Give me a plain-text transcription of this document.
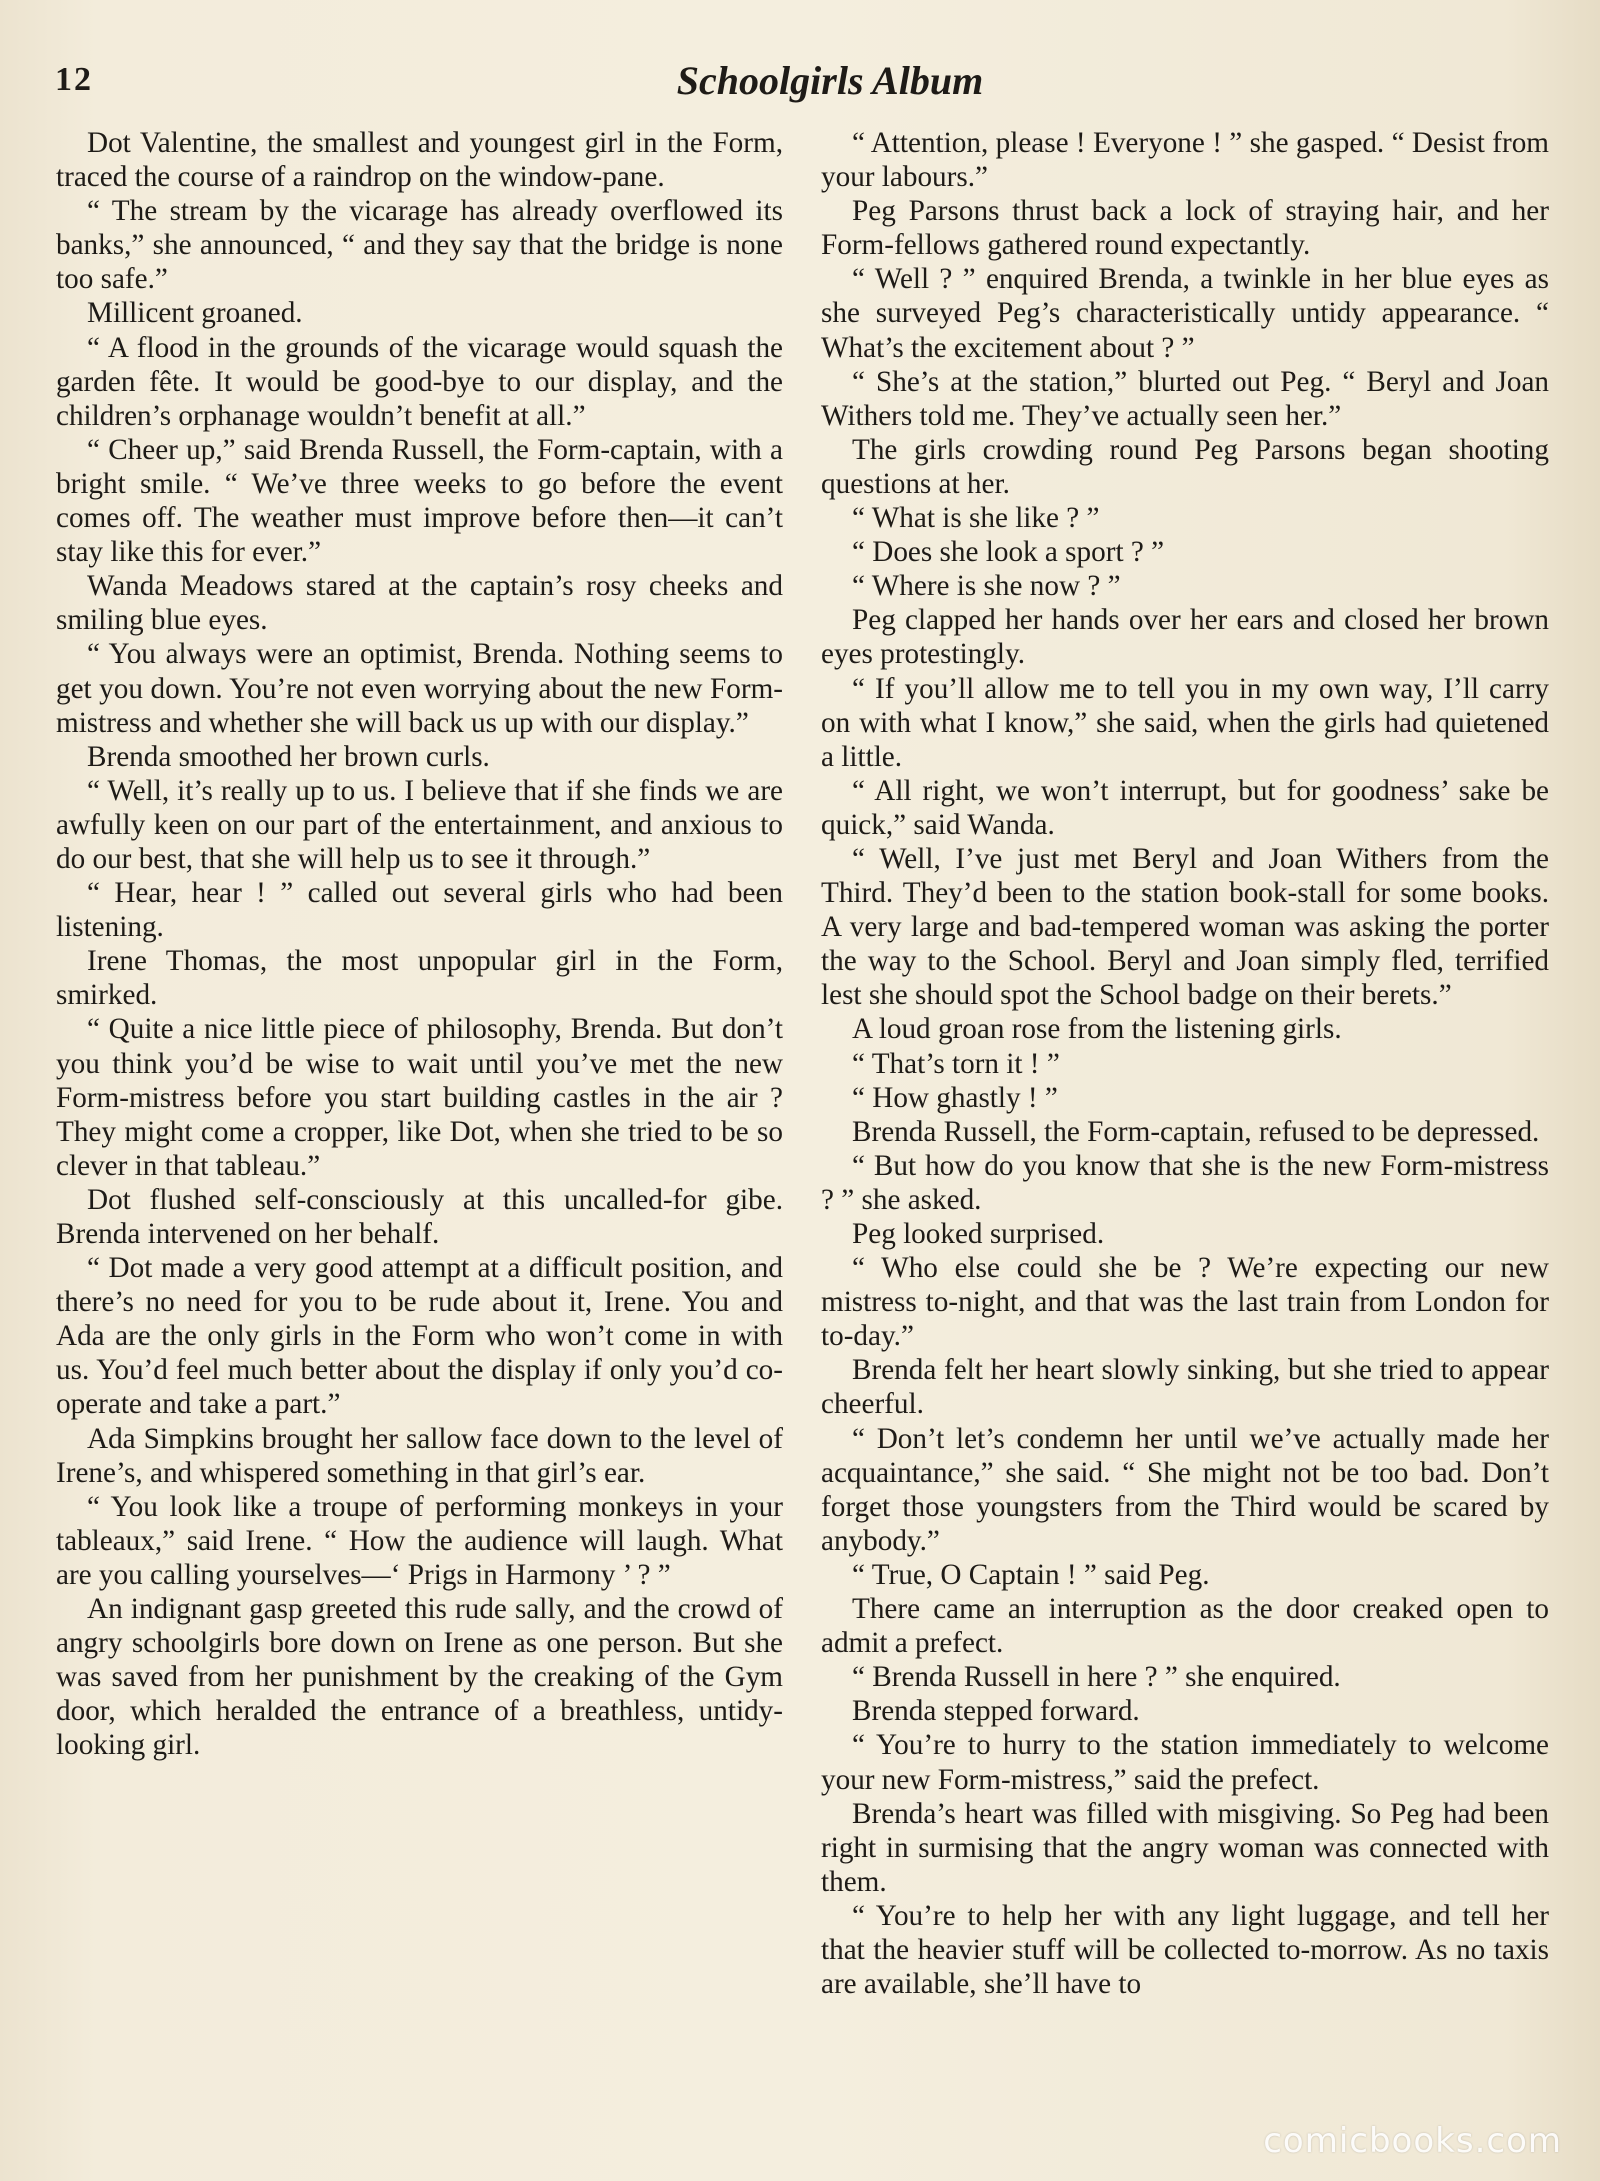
12	Schoolgirls Album

Dot Valentine, the smallest and youngest girl in the Form, traced the course of a raindrop on the window-pane.

“ The stream by the vicarage has already overflowed its banks,” she announced, “ and they say that the bridge is none too safe.”

Millicent groaned.

“ A flood in the grounds of the vicarage would squash the garden fête. It would be good-bye to our display, and the children’s orphanage wouldn’t benefit at all.”

“ Cheer up,” said Brenda Russell, the Form-captain, with a bright smile. “ We’ve three weeks to go before the event comes off. The weather must improve before then—it can’t stay like this for ever.”

Wanda Meadows stared at the captain’s rosy cheeks and smiling blue eyes.

“ You always were an optimist, Brenda. Nothing seems to get you down. You’re not even worrying about the new Form-mistress and whether she will back us up with our display.”

Brenda smoothed her brown curls.

“ Well, it’s really up to us. I believe that if she finds we are awfully keen on our part of the entertainment, and anxious to do our best, that she will help us to see it through.”

“ Hear, hear ! ” called out several girls who had been listening.

Irene Thomas, the most unpopular girl in the Form, smirked.

“ Quite a nice little piece of philosophy, Brenda. But don’t you think you’d be wise to wait until you’ve met the new Form-mistress before you start building castles in the air ? They might come a cropper, like Dot, when she tried to be so clever in that tableau.”

Dot flushed self-consciously at this uncalled-for gibe. Brenda intervened on her behalf.

“ Dot made a very good attempt at a difficult position, and there’s no need for you to be rude about it, Irene. You and Ada are the only girls in the Form who won’t come in with us. You’d feel much better about the display if only you’d co-operate and take a part.”

Ada Simpkins brought her sallow face down to the level of Irene’s, and whispered something in that girl’s ear.

“ You look like a troupe of performing monkeys in your tableaux,” said Irene. “ How the audience will laugh. What are you calling yourselves—‘ Prigs in Harmony ’ ? ”

An indignant gasp greeted this rude sally, and the crowd of angry schoolgirls bore down on Irene as one person. But she was saved from her punishment by the creaking of the Gym door, which heralded the entrance of a breathless, untidy-looking girl.

“ Attention, please ! Everyone ! ” she gasped. “ Desist from your labours.”

Peg Parsons thrust back a lock of straying hair, and her Form-fellows gathered round expectantly.

“ Well ? ” enquired Brenda, a twinkle in her blue eyes as she surveyed Peg’s characteristically untidy appearance. “ What’s the excitement about ? ”

“ She’s at the station,” blurted out Peg. “ Beryl and Joan Withers told me. They’ve actually seen her.”

The girls crowding round Peg Parsons began shooting questions at her.

“ What is she like ? ”

“ Does she look a sport ? ”

“ Where is she now ? ”

Peg clapped her hands over her ears and closed her brown eyes protestingly.

“ If you’ll allow me to tell you in my own way, I’ll carry on with what I know,” she said, when the girls had quietened a little.

“ All right, we won’t interrupt, but for goodness’ sake be quick,” said Wanda.

“ Well, I’ve just met Beryl and Joan Withers from the Third. They’d been to the station book-stall for some books. A very large and bad-tempered woman was asking the porter the way to the School. Beryl and Joan simply fled, terrified lest she should spot the School badge on their berets.”

A loud groan rose from the listening girls.

“ That’s torn it ! ”

“ How ghastly ! ”

Brenda Russell, the Form-captain, refused to be depressed.

“ But how do you know that she is the new Form-mistress ? ” she asked.

Peg looked surprised.

“ Who else could she be ? We’re expecting our new mistress to-night, and that was the last train from London for to-day.”

Brenda felt her heart slowly sinking, but she tried to appear cheerful.

“ Don’t let’s condemn her until we’ve actually made her acquaintance,” she said. “ She might not be too bad. Don’t forget those youngsters from the Third would be scared by anybody.”

“ True, O Captain ! ” said Peg.

There came an interruption as the door creaked open to admit a prefect.

“ Brenda Russell in here ? ” she enquired.

Brenda stepped forward.

“ You’re to hurry to the station immediately to welcome your new Form-mistress,” said the prefect.

Brenda’s heart was filled with misgiving. So Peg had been right in surmising that the angry woman was connected with them.

“ You’re to help her with any light luggage, and tell her that the heavier stuff will be collected to-morrow. As no taxis are available, she’ll have to

comicbooks.com
